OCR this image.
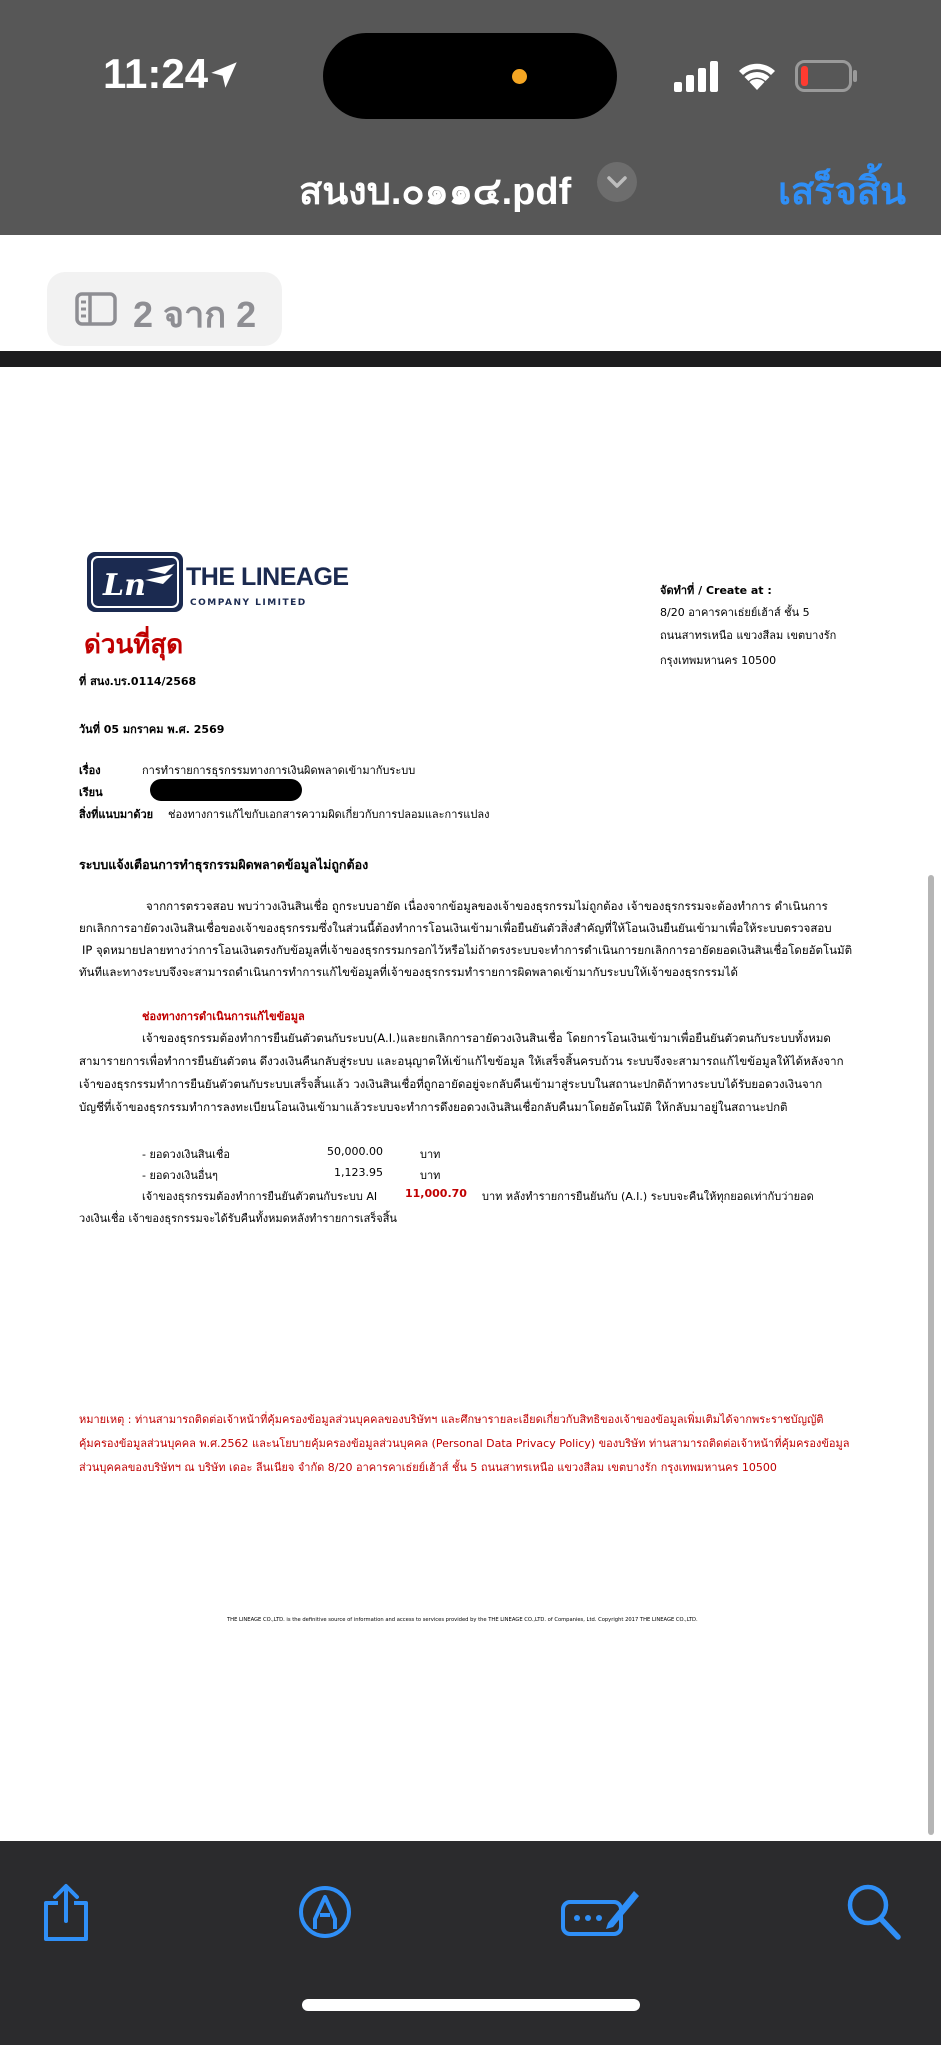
11:24
สนงบ.๐๑๑๔.pdf	เสร็จสิ้น
2 จาก 2
Ln THE LINEAGE
COMPANY LIMITED
ด่วนที่สุด
ที่ สนง.บร.0114/2568
จัดทำที่ / Create at :
8/20 อาคารคาเธ่ยย์เฮ้าส์ ชั้น 5
ถนนสาทรเหนือ แขวงสีลม เขตบางรัก
กรุงเทพมหานคร 10500
วันที่ 05 มกราคม พ.ศ. 2569
เรื่อง	การทำรายการธุรกรรมทางการเงินผิดพลาดเข้ามากับระบบ
เรียน
สิ่งที่แนบมาด้วย ช่องทางการแก้ไขกับเอกสารความผิดเกี่ยวกับการปลอมและการแปลง
ระบบแจ้งเตือนการทำธุรกรรมผิดพลาดข้อมูลไม่ถูกต้อง
จากการตรวจสอบ พบว่าวงเงินสินเชื่อ ถูกระบบอายัด เนื่องจากข้อมูลของเจ้าของธุรกรรมไม่ถูกต้อง เจ้าของธุรกรรมจะต้องทำการ ดำเนินการ
ยกเลิกการอายัดวงเงินสินเชื่อของเจ้าของธุรกรรมซึ่งในส่วนนี้ต้องทำการโอนเงินเข้ามาเพื่อยืนยันตัวสิ่งสำคัญที่ให้โอนเงินยืนยันเข้ามาเพื่อให้ระบบตรวจสอบ
IP จุดหมายปลายทางว่าการโอนเงินตรงกับข้อมูลที่เจ้าของธุรกรรมกรอกไว้หรือไม่ถ้าตรงระบบจะทำการดำเนินการยกเลิกการอายัดยอดเงินสินเชื่อโดยอัตโนมัติ
ทันทีและทางระบบจึงจะสามารถดำเนินการทำการแก้ไขข้อมูลที่เจ้าของธุรกรรมทำรายการผิดพลาดเข้ามากับระบบให้เจ้าของธุรกรรมได้
ช่องทางการดำเนินการแก้ไขข้อมูล
เจ้าของธุรกรรมต้องทำการยืนยันตัวตนกับระบบ(A.I.)และยกเลิกการอายัดวงเงินสินเชื่อ โดยการโอนเงินเข้ามาเพื่อยืนยันตัวตนกับระบบทั้งหมด
สามารายการเพื่อทำการยืนยันตัวตน ดึงวงเงินคืนกลับสู่ระบบ และอนุญาตให้เข้าแก้ไขข้อมูล ให้เสร็จสิ้นครบถ้วน ระบบจึงจะสามารถแก้ไขข้อมูลให้ได้หลังจาก
เจ้าของธุรกรรมทำการยืนยันตัวตนกับระบบเสร็จสิ้นแล้ว วงเงินสินเชื่อที่ถูกอายัดอยู่จะกลับคืนเข้ามาสู่ระบบในสถานะปกติถ้าทางระบบได้รับยอดวงเงินจาก
บัญชีที่เจ้าของธุรกรรมทำการลงทะเบียนโอนเงินเข้ามาแล้วระบบจะทำการดึงยอดวงเงินสินเชื่อกลับคืนมาโดยอัตโนมัติ ให้กลับมาอยู่ในสถานะปกติ
- ยอดวงเงินสินเชื่อ	50,000.00	บาท
- ยอดวงเงินอื่นๆ	1,123.95	บาท
เจ้าของธุรกรรมต้องทำการยืนยันตัวตนกับระบบ AI	11,000.70 บาท หลังทำรายการยืนยันกับ (A.I.) ระบบจะคืนให้ทุกยอดเท่ากับว่ายอด
วงเงินเชื่อ เจ้าของธุรกรรมจะได้รับคืนทั้งหมดหลังทำรายการเสร็จสิ้น
หมายเหตุ : ท่านสามารถติดต่อเจ้าหน้าที่คุ้มครองข้อมูลส่วนบุคคลของบริษัทฯ และศึกษารายละเอียดเกี่ยวกับสิทธิของเจ้าของข้อมูลเพิ่มเติมได้จากพระราชบัญญัติ
คุ้มครองข้อมูลส่วนบุคคล พ.ศ.2562 และนโยบายคุ้มครองข้อมูลส่วนบุคคล (Personal Data Privacy Policy) ของบริษัท ท่านสามารถติดต่อเจ้าหน้าที่คุ้มครองข้อมูล
ส่วนบุคคลของบริษัทฯ ณ บริษัท เดอะ ลีนเนียจ จำกัด 8/20 อาคารคาเธ่ยย์เฮ้าส์ ชั้น 5 ถนนสาทรเหนือ แขวงสีลม เขตบางรัก กรุงเทพมหานคร 10500
THE LINEAGE CO.,LTD. is the definitive source of information and access to services provided by the THE LINEAGE CO.,LTD. of Companies, Ltd. Copyright 2017 THE LINEAGE CO.,LTD.
